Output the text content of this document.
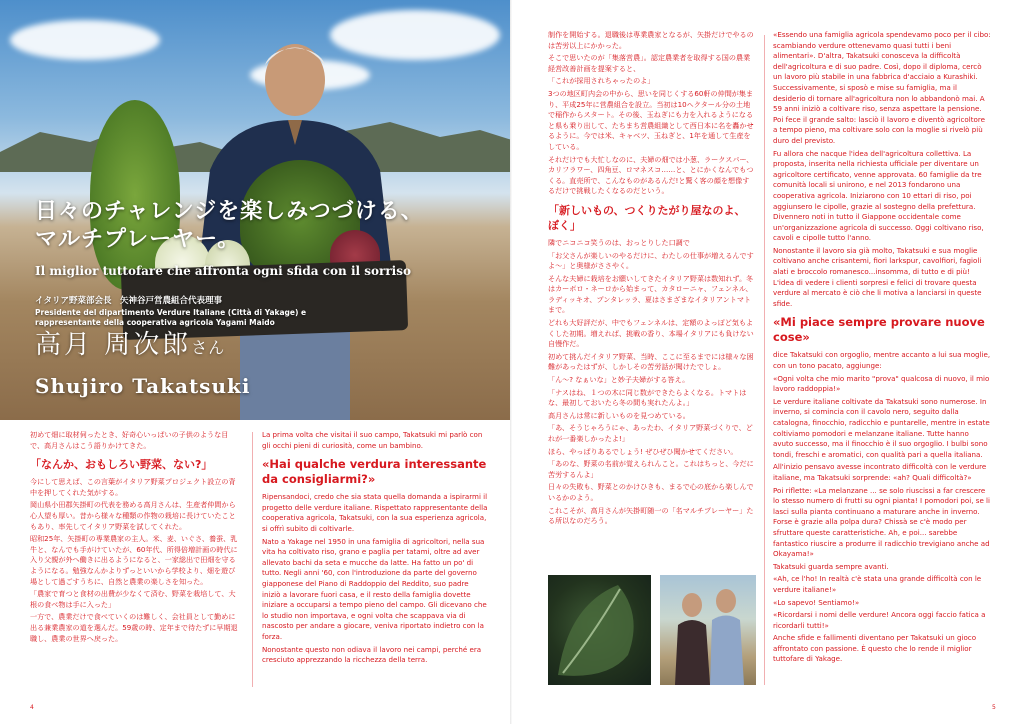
日々のチャレンジを楽しみつづける、
マルチプレーヤー。

Il miglior tuttofare che affronta ogni sfida con il sorriso

イタリア野菜部会長　矢神谷戸営農組合代表理事

Presidente del dipartimento Verdure Italiane (Città di Yakage) e rappresentante della cooperativa agricola Yagami Maido

高月 周次郎さん

Shujiro Takatsuki

初めて畑に取材伺ったとき、好奇心いっぱいの子供のような目で、高月さんはこう語りかけてきた。

「なんか、おもしろい野菜、ない?」

今にして思えば、この言葉がイタリア野菜プロジェクト設立の背中を押してくれた気がする。

岡山県小田郡矢掛町の代表を務める高月さんは、生産者仲間から心人望も厚い。昔から様々な種類の作物の栽培に長けていたこともあり、率先してイタリア野菜を試してくれた。

昭和25年、矢掛町の専業農家の主人。米、麦、いぐさ、養蚕、乳牛と、なんでも手がけていたが、60年代、所得倍増計画の時代に入り父親が外へ働きに出るようになると、一家総出で田畑を守るようになる。勉強なんかよりずっといいから学校より、畑を遊び場として過ごすうちに、自然と農業の楽しさを知った。

「農家で育つと食材の出費が少なくて済む、野菜を栽培して、大根の食べ物は手に入った」

一方で、農業だけで食べていくのは難しく、会社員として勤めに出る兼業農家の道を選んだ。59歳の時、定年まで待たずに早期退職し、農業の世界へ戻った。

La prima volta che visitai il suo campo, Takatsuki mi parlò con gli occhi pieni di curiosità, come un bambino.

«Hai qualche verdura interessante da consigliarmi?»

Ripensandoci, credo che sia stata quella domanda a ispirarmi il progetto delle verdure italiane. Rispettato rappresentante della cooperativa agricola, Takatsuki, con la sua esperienza agricola, si offrì subito di coltivarle.

Nato a Yakage nel 1950 in una famiglia di agricoltori, nella sua vita ha coltivato riso, grano e paglia per tatami, oltre ad aver allevato bachi da seta e mucche da latte. Ha fatto un po' di tutto. Negli anni '60, con l'introduzione da parte del governo giapponese del Piano di Raddoppio del Reddito, suo padre iniziò a lavorare fuori casa, e il resto della famiglia dovette iniziare a occuparsi a tempo pieno del campo. Gli dicevano che lo studio non importava, e ogni volta che scappava via di nascosto per andare a giocare, veniva riportato indietro con la forza.

Nonostante questo non odiava il lavoro nei campi, perché era cresciuto apprezzando la ricchezza della terra.

4	5

制作を開始する。退職後は専業農家となるが、矢掛だけでやるのは苦労以上にかかった。

そこで思いたのが「集落営農」。認定農業者を取得する国の農業経営改善計画を提案すると、

「これが採用されちゃったのよ」

3つの地区町内会の中から、思いを同じくする60軒の仲間が集まり、平成25年に営農組合を設立。当初は10ヘクタール分の土地で稲作からスタート。その後、玉ねぎにも力を入れるようになると県も乗り出して、たちまち営農組織として西日本に名を轟かせるように。今では米、キャベツ、玉ねぎと、1年を通して生産をしている。

それだけでも大忙しなのに、夫婦の畑では小葱、ラークスパー、カリフラワー、四角豆、ロマネスコ……と、とにかくなんでもつくる。直売所で、こんなものがあるんだ!と驚く客の顔を想像するだけで挑戦したくなるのだという。

「新しいもの、つくりたがり屋なのよ、ぼく」

隣でニコニコ笑うのは、おっとりした口調で

「お父さんが楽しいのやるだけに、わたしの仕事が増えるんですよ〜」と奥様がささやく。

そんな夫婦に栽培をお願いしてきたイタリア野菜は数知れず。冬はカーボロ・ネーロから始まって、カタローニャ、フェンネル、ラディッキオ、プンタレッラ、夏はさまざまなイタリアントマトまで。

どれも大好評だが、中でもフェンネルは、定額のよっぽど気もよくした初期。増えれば、挑戦の香り、本場イタリアにも負けない自慢作だ。

初めて挑んだイタリア野菜、当時、ここに至るまでには様々な困難があったはずが、しかしその苦労話が聞けたでしょ。

「ん〜? なぁいな」と妙子夫婦がする答え。

「ナスはね、１つの木に同じ数ができたらよくなる。トマトはな、最初しておいたら冬の間も実れたんよ。」

高月さんは常に新しいものを見つめている。

「あ、そうじゃろうにゃ、あったわ、イタリア野菜づくりで、どれが一番楽しかったよ!」

ほら、やっぱりあるでしょう! ぜひぜひ聞かせてください。

「あのな、野菜の名前が覚えられんこと。これはちっと、今だに苦労するんよ」

日々の失敗も、野菜とのかけひきも、まるで心の底から楽しんでいるかのよう。

これこそが、高月さんが矢掛町随一の「名マルチプレーヤー」たる所以なのだろう。

«Essendo una famiglia agricola spendevamo poco per il cibo: scambiando verdure ottenevamo quasi tutti i beni alimentari». D'altra, Takatsuki conosceva la difficoltà dell'agricoltura e di suo padre. Così, dopo il diploma, cercò un lavoro più stabile in una fabbrica d'acciaio a Kurashiki. Successivamente, si sposò e mise su famiglia, ma il desiderio di tornare all'agricoltura non lo abbandonò mai. A 59 anni iniziò a coltivare riso, senza aspettare la pensione. Poi fece il grande salto: lasciò il lavoro e diventò agricoltore a tempo pieno, ma coltivare solo con la moglie si rivelò più duro del previsto.

Fu allora che nacque l'idea dell'agricoltura collettiva. La proposta, inserita nella richiesta ufficiale per diventare un agricoltore certificato, venne approvata. 60 famiglie da tre comunità locali si unirono, e nel 2013 fondarono una cooperativa agricola. Iniziarono con 10 ettari di riso, poi aggiunsero le cipolle, grazie al sostegno della prefettura. Divennero noti in tutto il Giappone occidentale come un'organizzazione agricola di successo. Oggi coltivano riso, cavoli e cipolle tutto l'anno.

Nonostante il lavoro sia già molto, Takatsuki e sua moglie coltivano anche crisantemi, fiori larkspur, cavolfiori, fagioli alati e broccolo romanesco...insomma, di tutto e di più! L'idea di vedere i clienti sorpresi e felici di trovare questa verdure al mercato è ciò che li motiva a lanciarsi in queste sfide.

«Mi piace sempre provare nuove cose»

dice Takatsuki con orgoglio, mentre accanto a lui sua moglie, con un tono pacato, aggiunge:

«Ogni volta che mio marito "prova" qualcosa di nuovo, il mio lavoro raddoppia!»

Le verdure italiane coltivate da Takatsuki sono numerose. In inverno, si comincia con il cavolo nero, seguito dalla catalogna, finocchio, radicchio e puntarelle, mentre in estate coltiviamo pomodori e melanzane italiane. Tutte hanno avuto successo, ma il finocchio è il suo orgoglio. I bulbi sono tondi, freschi e aromatici, con qualità pari a quella italiana.

All'inizio pensavo avesse incontrato difficoltà con le verdure italiane, ma Takatsuki sorprende: «ah? Quali difficoltà?»

Poi riflette: «La melanzane ... se solo riuscissi a far crescere lo stesso numero di frutti su ogni pianta! I pomodori poi, se li lasci sulla pianta continuano a maturare anche in inverno. Forse è grazie alla polpa dura? Chissà se c'è modo per sfruttare queste caratteristiche. Ah, e poi... sarebbe fantastico riuscire a produrre il radicchio trevigiano anche ad Okayama!»

Takatsuki guarda sempre avanti.

«Ah, ce l'ho! In realtà c'è stata una grande difficoltà con le verdure italiane!»

«Lo sapevo! Sentiamo!»

«Ricordarsi i nomi delle verdure! Ancora oggi faccio fatica a ricordarli tutti!»

Anche sfide e fallimenti diventano per Takatsuki un gioco affrontato con passione. È questo che lo rende il miglior tuttofare di Yakage.
